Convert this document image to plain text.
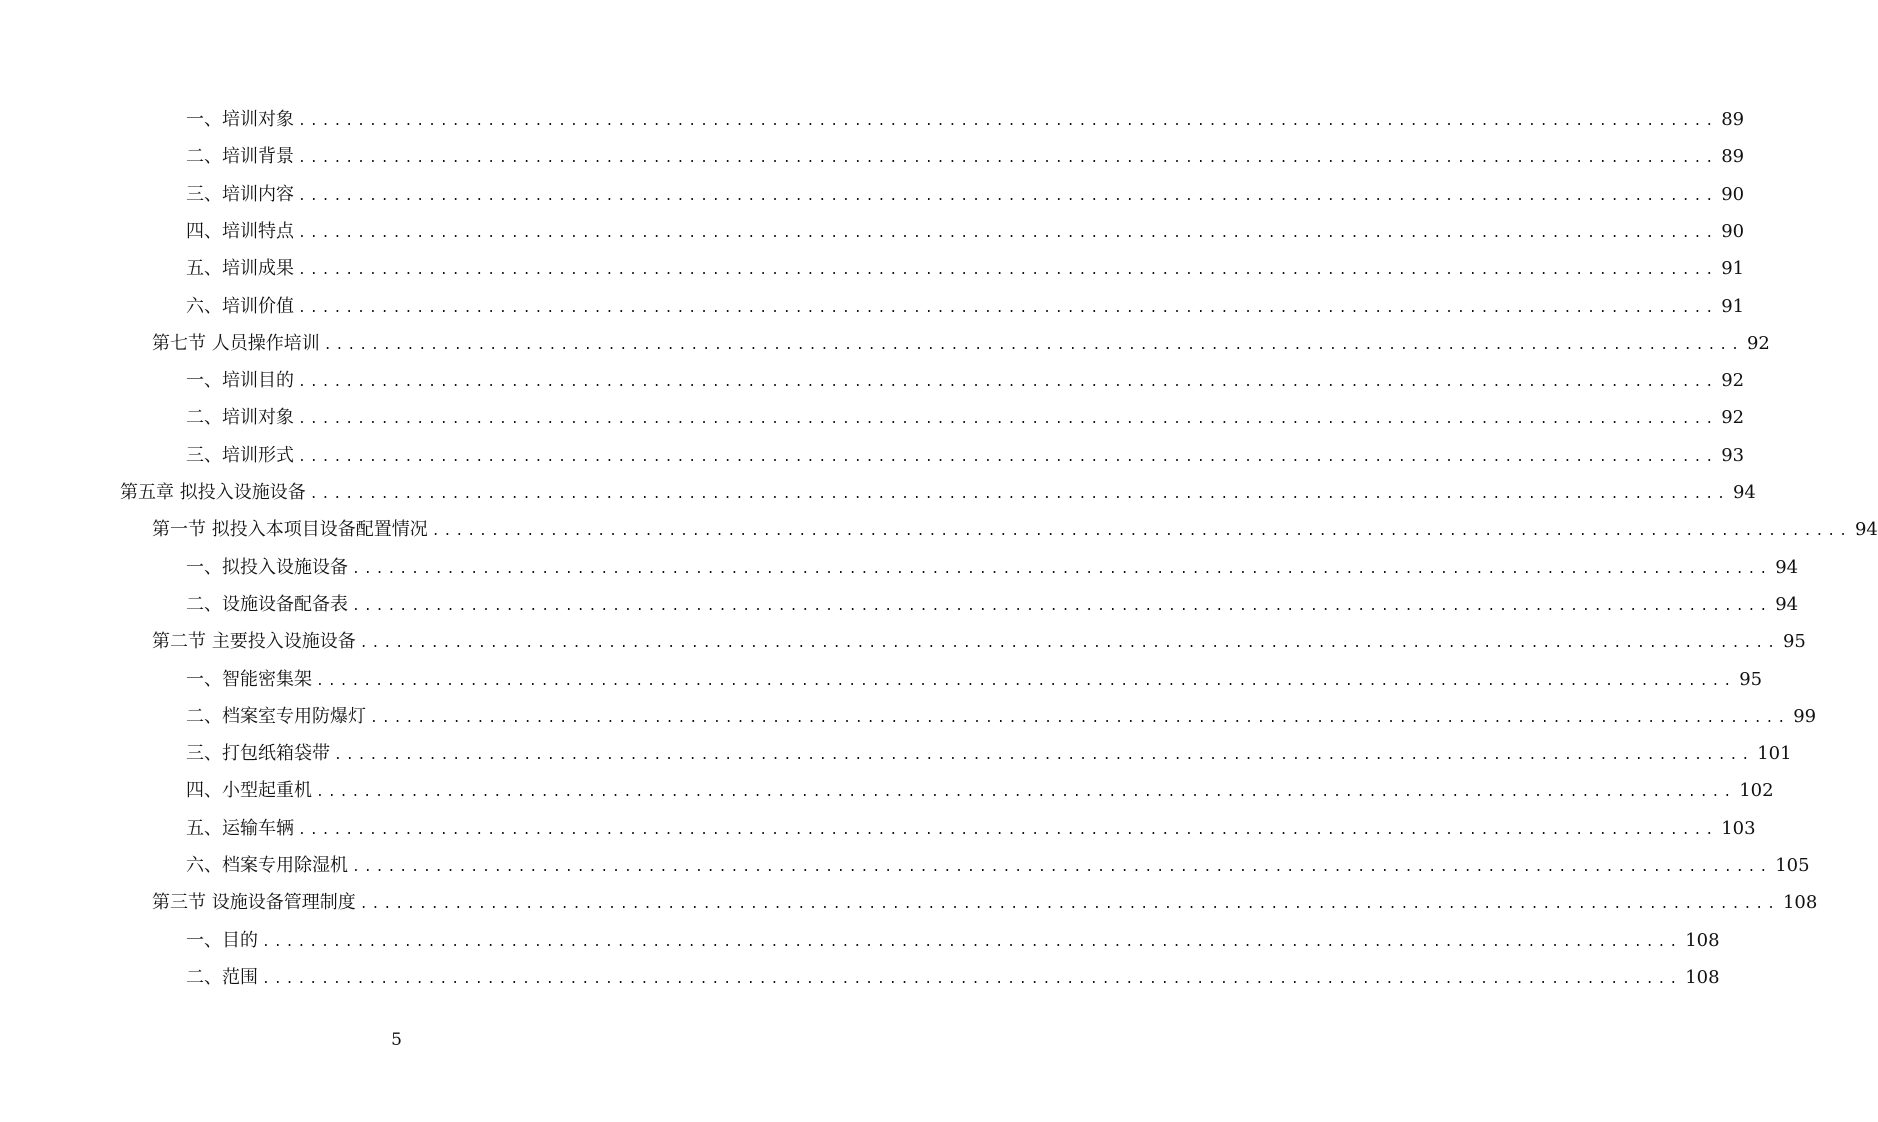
一、培训对象 ........................................................................................................................ 89
二、培训背景 ........................................................................................................................ 89
三、培训内容 ........................................................................................................................ 90
四、培训特点 ........................................................................................................................ 90
五、培训成果 ........................................................................................................................ 91
六、培训价值 ........................................................................................................................ 91
第七节 人员操作培训 ........................................................................................................................ 92
一、培训目的 ........................................................................................................................ 92
二、培训对象 ........................................................................................................................ 92
三、培训形式 ........................................................................................................................ 93
第五章 拟投入设施设备 ........................................................................................................................ 94
第一节 拟投入本项目设备配置情况 ........................................................................................................................ 94
一、拟投入设施设备 ........................................................................................................................ 94
二、设施设备配备表 ........................................................................................................................ 94
第二节 主要投入设施设备 ........................................................................................................................ 95
一、智能密集架 ........................................................................................................................ 95
二、档案室专用防爆灯 ........................................................................................................................ 99
三、打包纸箱袋带 ........................................................................................................................ 101
四、小型起重机 ........................................................................................................................ 102
五、运输车辆 ........................................................................................................................ 103
六、档案专用除湿机 ........................................................................................................................ 105
第三节 设施设备管理制度 ........................................................................................................................ 108
一、目的 ........................................................................................................................ 108
二、范围 ........................................................................................................................ 108
5
